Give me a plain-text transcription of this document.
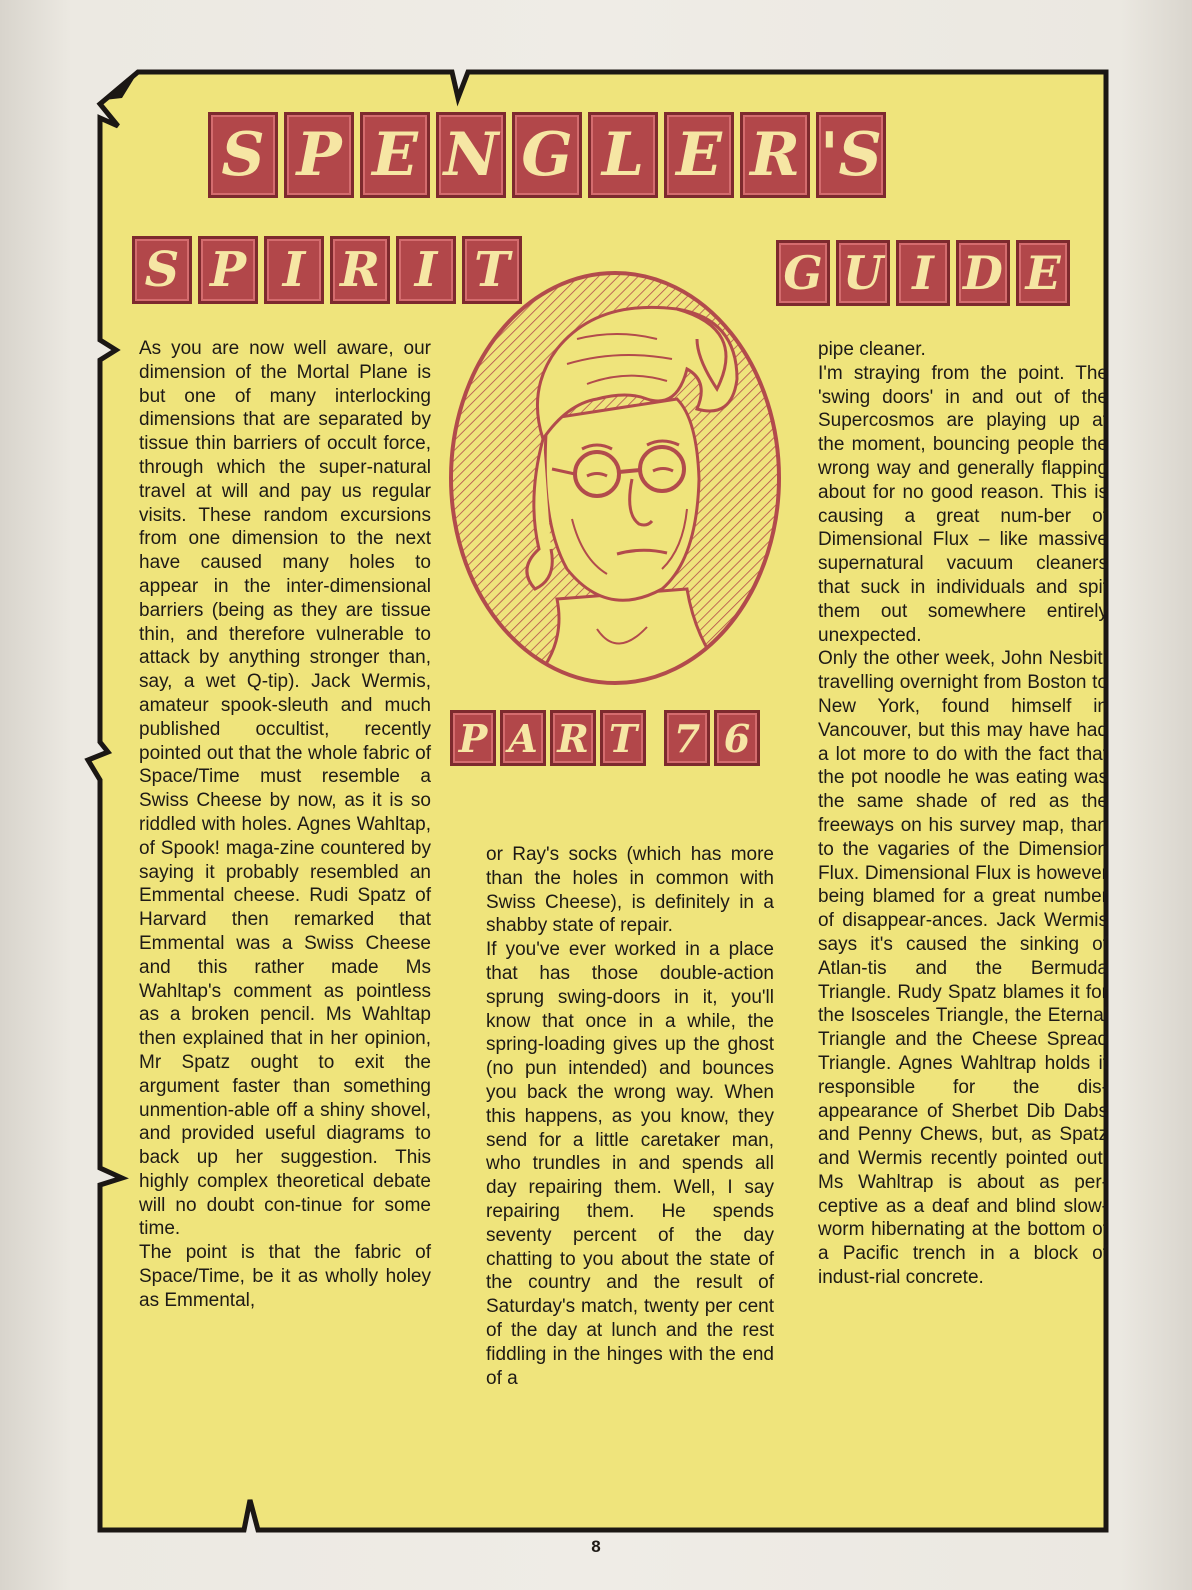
S P E N G L E R 'S
S P I R I T	G U I D E
P A R T 7 6

As you are now well aware, our dimension of the Mortal Plane is but one of many interlocking dimensions that are separated by tissue thin barriers of occult force, through which the super-natural travel at will and pay us regular visits. These random excursions from one dimension to the next have caused many holes to appear in the inter-dimensional barriers (being as they are tissue thin, and therefore vulnerable to attack by anything stronger than, say, a wet Q-tip). Jack Wermis, amateur spook-sleuth and much published occultist, recently pointed out that the whole fabric of Space/Time must resemble a Swiss Cheese by now, as it is so riddled with holes. Agnes Wahltap, of Spook! maga-zine countered by saying it probably resembled an Emmental cheese. Rudi Spatz of Harvard then remarked that Emmental was a Swiss Cheese and this rather made Ms Wahltap's comment as pointless as a broken pencil. Ms Wahltap then explained that in her opinion, Mr Spatz ought to exit the argument faster than something unmention-able off a shiny shovel, and provided useful diagrams to back up her suggestion. This highly complex theoretical debate will no doubt con-tinue for some time.

The point is that the fabric of Space/Time, be it as wholly holey as Emmental,

or Ray's socks (which has more than the holes in common with Swiss Cheese), is definitely in a shabby state of repair.

If you've ever worked in a place that has those double-action sprung swing-doors in it, you'll know that once in a while, the spring-loading gives up the ghost (no pun intended) and bounces you back the wrong way. When this happens, as you know, they send for a little caretaker man, who trundles in and spends all day repairing them. Well, I say repairing them. He spends seventy percent of the day chatting to you about the state of the country and the result of Saturday's match, twenty per cent of the day at lunch and the rest fiddling in the hinges with the end of a

pipe cleaner.

I'm straying from the point. The 'swing doors' in and out of the Supercosmos are playing up at the moment, bouncing people the wrong way and generally flapping about for no good reason. This is causing a great num-ber of Dimensional Flux – like massive supernatural vacuum cleaners that suck in individuals and spit them out somewhere entirely unexpected.

Only the other week, John Nesbit, travelling overnight from Boston to New York, found himself in Vancouver, but this may have had a lot more to do with the fact that the pot noodle he was eating was the same shade of red as the freeways on his survey map, than to the vagaries of the Dimension Flux. Dimensional Flux is however being blamed for a great number of disappear-ances. Jack Wermis says it's caused the sinking of Atlan-tis and the Bermuda Triangle. Rudy Spatz blames it for the Isosceles Triangle, the Eternal Triangle and the Cheese Spread Triangle. Agnes Wahltrap holds it responsible for the dis-appearance of Sherbet Dib Dabs and Penny Chews, but, as Spatz and Wermis recently pointed out, Ms Wahltrap is about as per-ceptive as a deaf and blind slow-worm hibernating at the bottom of a Pacific trench in a block of indust-rial concrete.

8
